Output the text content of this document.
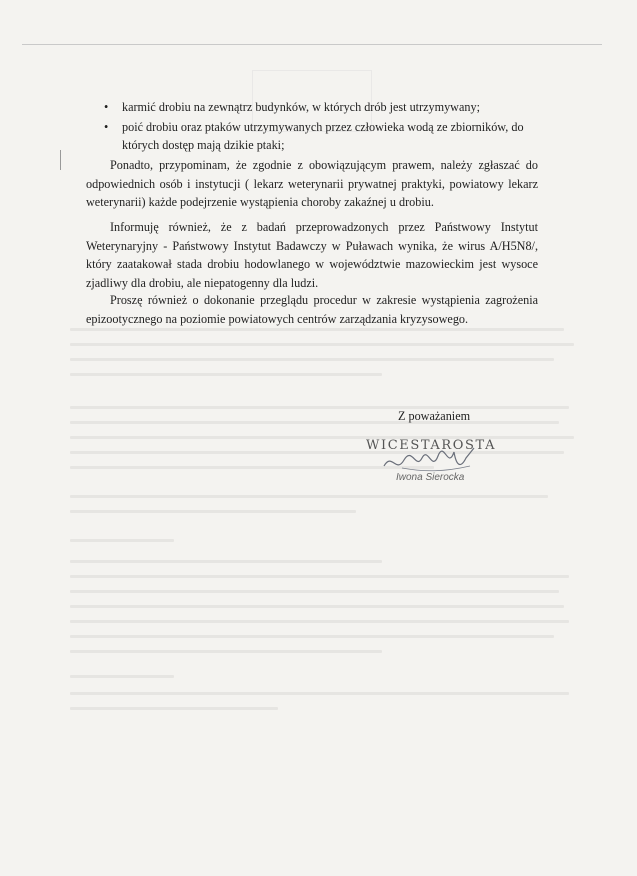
• karmić drobiu na zewnątrz budynków, w których drób jest utrzymywany;
• poić drobiu oraz ptaków utrzymywanych przez człowieka wodą ze zbiorników, do których dostęp mają dzikie ptaki;

Ponadto, przypominam, że zgodnie z obowiązującym prawem, należy zgłaszać do odpowiednich osób i instytucji ( lekarz weterynarii prywatnej praktyki, powiatowy lekarz weterynarii) każde podejrzenie wystąpienia choroby zakaźnej u drobiu.

Informuję również, że z badań przeprowadzonych przez Państwowy Instytut Weterynaryjny - Państwowy Instytut Badawczy w Puławach wynika, że wirus A/H5N8/, który zaatakował stada drobiu hodowlanego w województwie mazowieckim jest wysoce zjadliwy dla drobiu, ale niepatogenny dla ludzi.

Proszę również o dokonanie przeglądu procedur w zakresie wystąpienia zagrożenia epizootycznego na poziomie powiatowych centrów zarządzania kryzysowego.

Z poważaniem
WICESTAROSTA
Iwona Sierocka
